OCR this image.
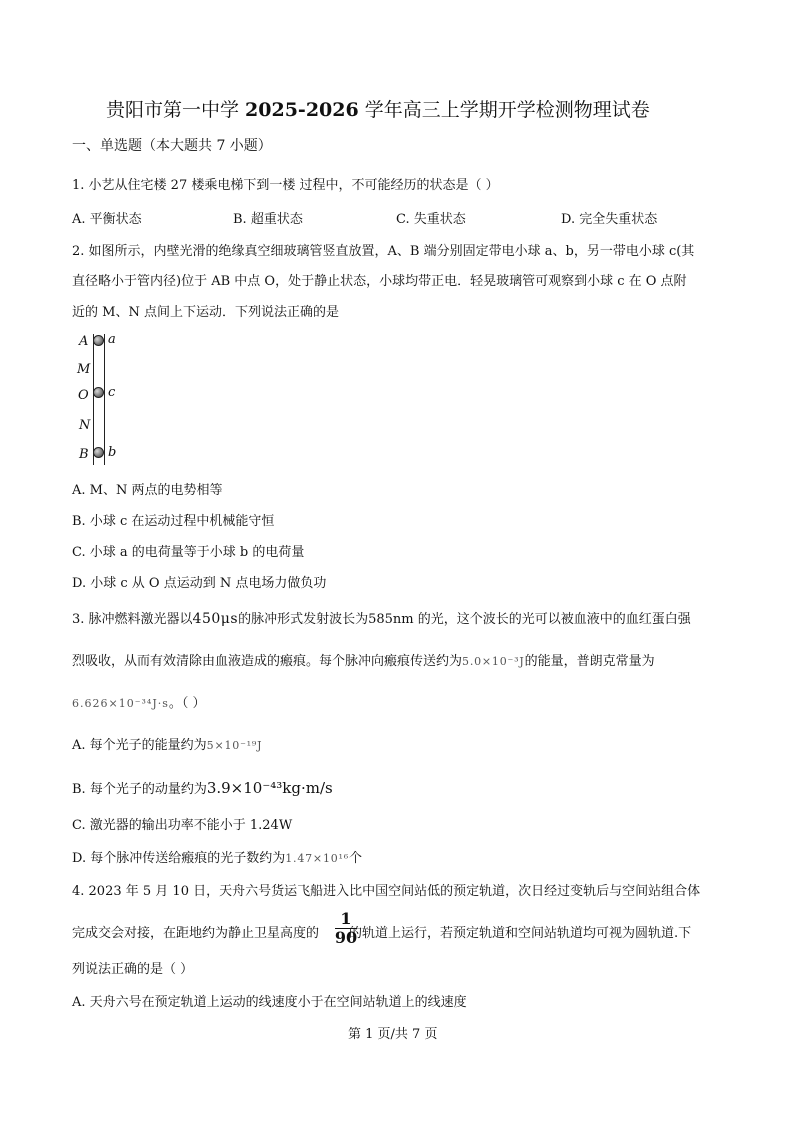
贵阳市第一中学 2025-2026 学年高三上学期开学检测物理试卷
一、单选题（本大题共 7 小题）
1. 小艺从住宅楼 27 楼乘电梯下到一楼 过程中，不可能经历的状态是（ ）
A. 平衡状态	B. 超重状态	C. 失重状态	D. 完全失重状态
2. 如图所示，内壁光滑的绝缘真空细玻璃管竖直放置，A、B 端分别固定带电小球 a、b，另一带电小球 c(其
直径略小于管内径)位于 AB 中点 O，处于静止状态，小球均带正电．轻晃玻璃管可观察到小球 c 在 O 点附
近的 M、N 点间上下运动．下列说法正确的是
A
M
O
N
B
a
c
b
A. M、N 两点的电势相等
B. 小球 c 在运动过程中机械能守恒
C. 小球 a 的电荷量等于小球 b 的电荷量
D. 小球 c 从 O 点运动到 N 点电场力做负功
3. 脉冲燃料激光器以450μs的脉冲形式发射波长为585nm 的光，这个波长的光可以被血液中的血红蛋白强
烈吸收，从而有效清除由血液造成的瘢痕。每个脉冲向瘢痕传送约为5.0×10⁻³J的能量，普朗克常量为
6.626×10⁻³⁴J·s。（ ）
A. 每个光子的能量约为5×10⁻¹⁹J
B. 每个光子的动量约为3.9×10⁻⁴³kg·m/s
C. 激光器的输出功率不能小于 1.24W
D. 每个脉冲传送给瘢痕的光子数约为1.47×10¹⁶个
4. 2023 年 5 月 10 日，天舟六号货运飞船进入比中国空间站低的预定轨道，次日经过变轨后与空间站组合体
完成交会对接，在距地约为静止卫星高度的 的轨道上运行，若预定轨道和空间站轨道均可视为圆轨道.下
1
90
列说法正确的是（ ）
A. 天舟六号在预定轨道上运动的线速度小于在空间站轨道上的线速度
第 1 页/共 7 页
